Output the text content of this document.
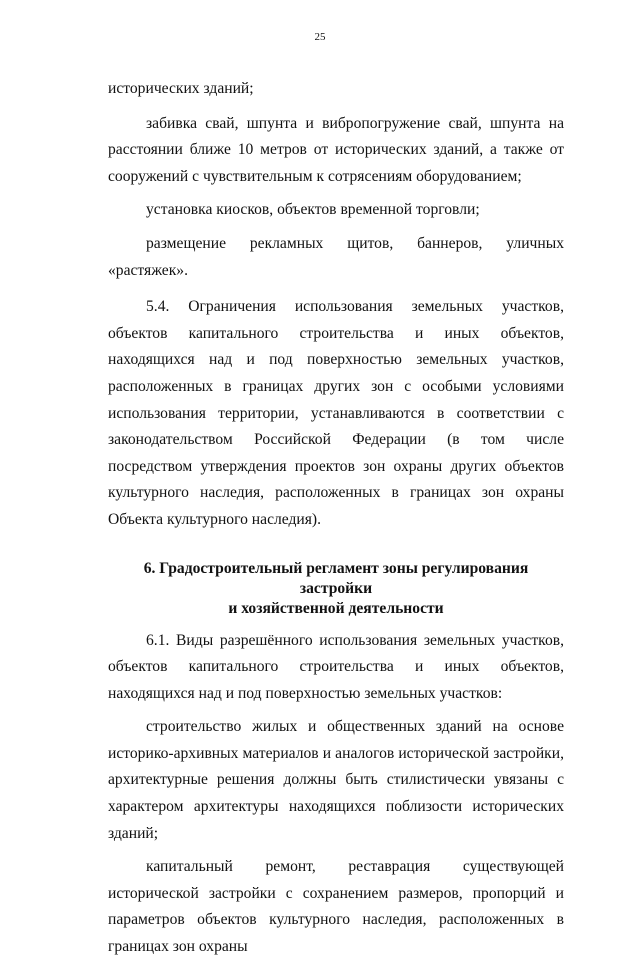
25

исторических зданий;

забивка свай, шпунта и вибропогружение свай, шпунта на расстоянии ближе 10 метров от исторических зданий, а также от сооружений с чувствительным к сотрясениям оборудованием;

установка киосков, объектов временной торговли;

размещение рекламных щитов, баннеров, уличных «растяжек».

5.4. Ограничения использования земельных участков, объектов капитального строительства и иных объектов, находящихся над и под поверхностью земельных участков, расположенных в границах других зон с особыми условиями использования территории, устанавливаются в соответствии с законодательством Российской Федерации (в том числе посредством утверждения проектов зон охраны других объектов культурного наследия, расположенных в границах зон охраны Объекта культурного наследия).

6. Градостроительный регламент зоны регулирования застройки
и хозяйственной деятельности

6.1. Виды разрешённого использования земельных участков, объектов капитального строительства и иных объектов, находящихся над и под поверхностью земельных участков:

строительство жилых и общественных зданий на основе историко-архивных материалов и аналогов исторической застройки, архитектурные решения должны быть стилистически увязаны с характером архитектуры находящихся поблизости исторических зданий;

капитальный ремонт, реставрация существующей исторической застройки с сохранением размеров, пропорций и параметров объектов культурного наследия, расположенных в границах зон охраны
